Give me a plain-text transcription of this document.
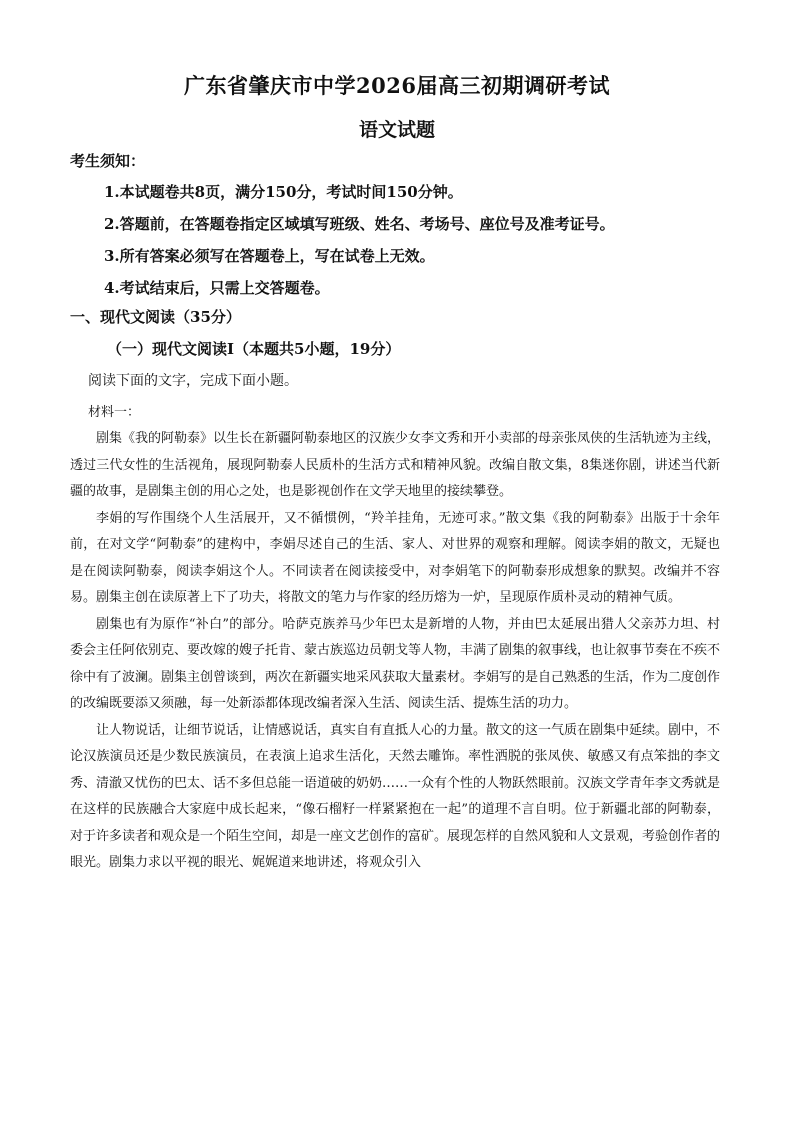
广东省肇庆市中学2026届高三初期调研考试
语文试题
考生须知：
1.本试题卷共8页，满分150分，考试时间150分钟。
2.答题前，在答题卷指定区域填写班级、姓名、考场号、座位号及准考证号。
3.所有答案必须写在答题卷上，写在试卷上无效。
4.考试结束后，只需上交答题卷。
一、现代文阅读（35分）
（一）现代文阅读Ⅰ（本题共5小题，19分）
阅读下面的文字，完成下面小题。
材料一：

剧集《我的阿勒泰》以生长在新疆阿勒泰地区的汉族少女李文秀和开小卖部的母亲张凤侠的生活轨迹为主线，透过三代女性的生活视角，展现阿勒泰人民质朴的生活方式和精神风貌。改编自散文集，8集迷你剧，讲述当代新疆的故事，是剧集主创的用心之处，也是影视创作在文学天地里的接续攀登。

李娟的写作围绕个人生活展开，又不循惯例，“羚羊挂角，无迹可求。”散文集《我的阿勒泰》出版于十余年前，在对文学“阿勒泰”的建构中，李娟尽述自己的生活、家人、对世界的观察和理解。阅读李娟的散文，无疑也是在阅读阿勒泰，阅读李娟这个人。不同读者在阅读接受中，对李娟笔下的阿勒泰形成想象的默契。改编并不容易。剧集主创在读原著上下了功夫，将散文的笔力与作家的经历熔为一炉，呈现原作质朴灵动的精神气质。

剧集也有为原作“补白”的部分。哈萨克族养马少年巴太是新增的人物，并由巴太延展出猎人父亲苏力坦、村委会主任阿依别克、要改嫁的嫂子托肯、蒙古族巡边员朝戈等人物，丰满了剧集的叙事线，也让叙事节奏在不疾不徐中有了波澜。剧集主创曾谈到，两次在新疆实地采风获取大量素材。李娟写的是自己熟悉的生活，作为二度创作的改编既要添又须融，每一处新添都体现改编者深入生活、阅读生活、提炼生活的功力。

让人物说话，让细节说话，让情感说话，真实自有直抵人心的力量。散文的这一气质在剧集中延续。剧中，不论汉族演员还是少数民族演员，在表演上追求生活化，天然去雕饰。率性洒脱的张凤侠、敏感又有点笨拙的李文秀、清澈又忧伤的巴太、话不多但总能一语道破的奶奶……一众有个性的人物跃然眼前。汉族文学青年李文秀就是在这样的民族融合大家庭中成长起来，“像石榴籽一样紧紧抱在一起”的道理不言自明。位于新疆北部的阿勒泰，对于许多读者和观众是一个陌生空间，却是一座文艺创作的富矿。展现怎样的自然风貌和人文景观，考验创作者的眼光。剧集力求以平视的眼光、娓娓道来地讲述，将观众引入
